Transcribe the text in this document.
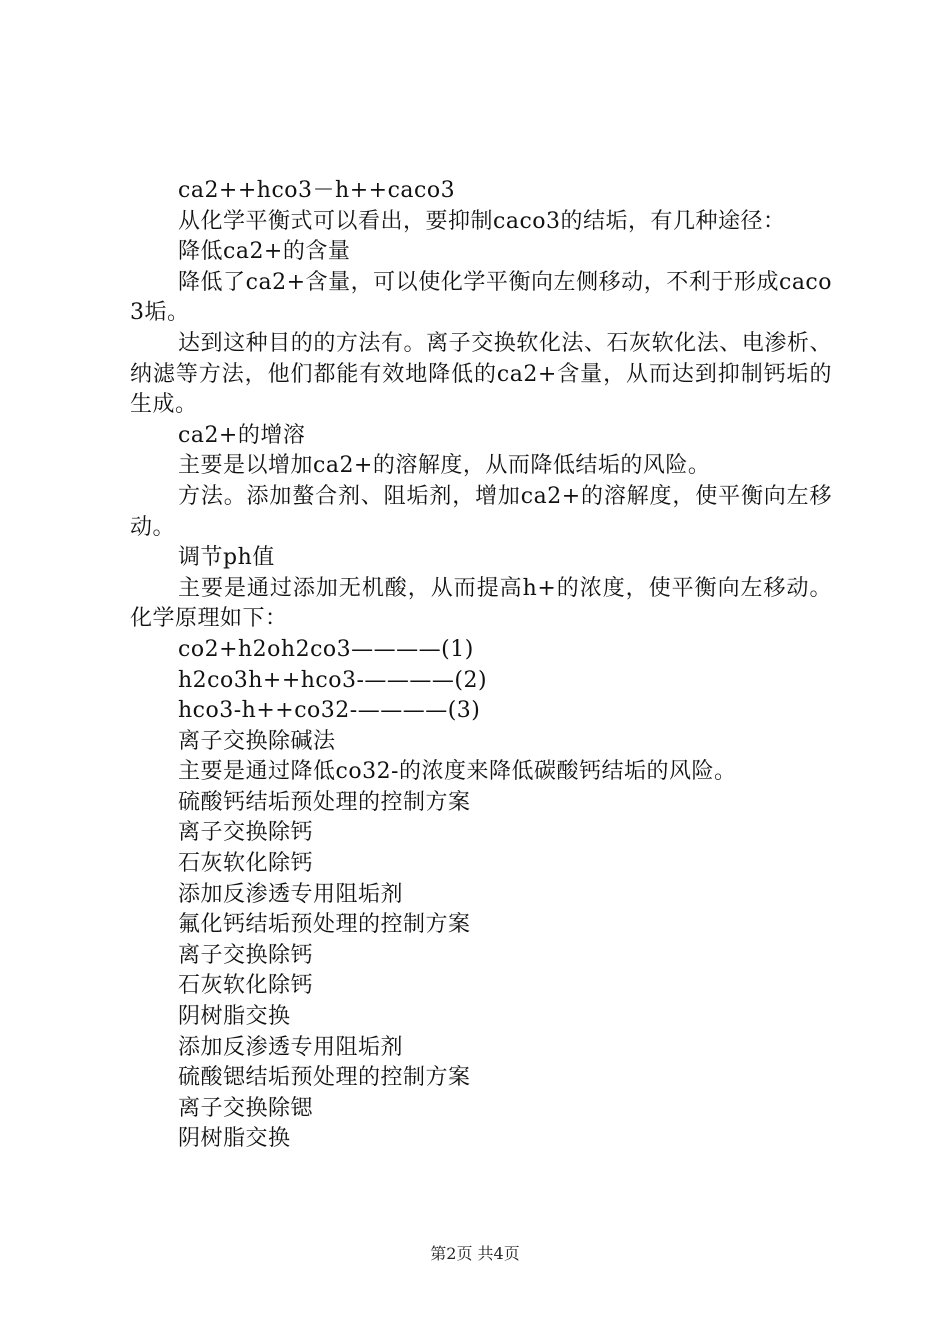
ca2++hco3－h++caco3

从化学平衡式可以看出，要抑制caco3的结垢，有几种途径：

降低ca2+的含量

降低了ca2+含量，可以使化学平衡向左侧移动，不利于形成caco3垢。

达到这种目的的方法有。离子交换软化法、石灰软化法、电渗析、纳滤等方法，他们都能有效地降低的ca2+含量，从而达到抑制钙垢的生成。

ca2+的增溶

主要是以增加ca2+的溶解度，从而降低结垢的风险。

方法。添加螯合剂、阻垢剂，增加ca2+的溶解度，使平衡向左移动。

调节ph值

主要是通过添加无机酸，从而提高h+的浓度，使平衡向左移动。化学原理如下：

co2+h2oh2co3————(1)

h2co3h++hco3-————(2)

hco3-h++co32-————(3)

离子交换除碱法

主要是通过降低co32-的浓度来降低碳酸钙结垢的风险。

硫酸钙结垢预处理的控制方案

离子交换除钙

石灰软化除钙

添加反渗透专用阻垢剂

氟化钙结垢预处理的控制方案

离子交换除钙

石灰软化除钙

阴树脂交换

添加反渗透专用阻垢剂

硫酸锶结垢预处理的控制方案

离子交换除锶

阴树脂交换

第2页 共4页
